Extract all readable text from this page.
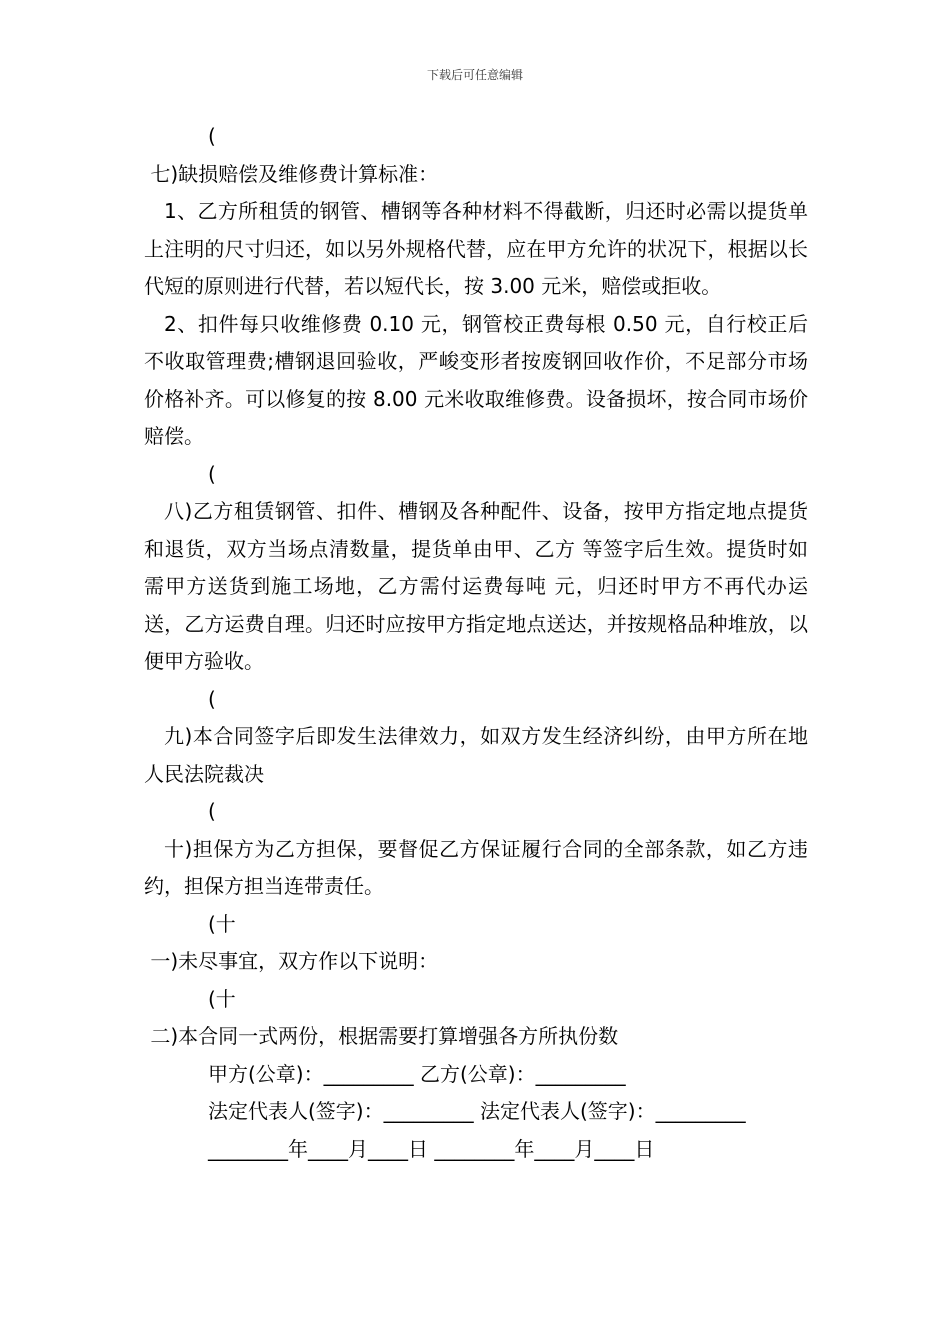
下载后可任意编辑
(
七)缺损赔偿及维修费计算标准：
1、乙方所租赁的钢管、槽钢等各种材料不得截断，归还时必需以提货单上注明的尺寸归还，如以另外规格代替，应在甲方允许的状况下，根据以长代短的原则进行代替，若以短代长，按 3.00 元米，赔偿或拒收。
2、扣件每只收维修费 0.10 元，钢管校正费每根 0.50 元，自行校正后不收取管理费;槽钢退回验收，严峻变形者按废钢回收作价，不足部分市场价格补齐。可以修复的按 8.00 元米收取维修费。设备损坏，按合同市场价赔偿。
(
八)乙方租赁钢管、扣件、槽钢及各种配件、设备，按甲方指定地点提货和退货，双方当场点清数量，提货单由甲、乙方 等签字后生效。提货时如需甲方送货到施工场地，乙方需付运费每吨 元，归还时甲方不再代办运送，乙方运费自理。归还时应按甲方指定地点送达，并按规格品种堆放，以便甲方验收。
(
九)本合同签字后即发生法律效力，如双方发生经济纠纷，由甲方所在地人民法院裁决
(
十)担保方为乙方担保，要督促乙方保证履行合同的全部条款，如乙方违约，担保方担当连带责任。
(十
一)未尽事宜，双方作以下说明：
(十
二)本合同一式两份，根据需要打算增强各方所执份数
甲方(公章)：_________ 乙方(公章)：_________
法定代表人(签字)：_________ 法定代表人(签字)：_________
________年____月____日 ________年____月____日
